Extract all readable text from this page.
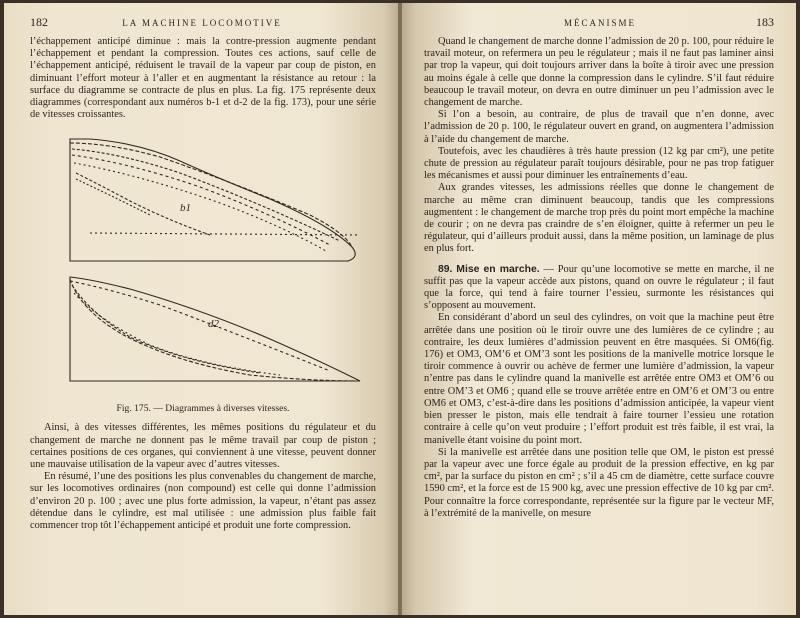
182	LA MACHINE LOCOMOTIVE

l’échappement anticipé diminue : mais la contre-pression augmente pendant l’échappement et pendant la compression. Toutes ces actions, sauf celle de l’échappement anticipé, réduisent le travail de la vapeur par coup de piston, en diminuant l’effort moteur à l’aller et en augmentant la résistance au retour : la surface du diagramme se contracte de plus en plus. La fig. 175 représente deux diagrammes (correspondant aux numéros b-1 et d-2 de la fig. 173), pour une série de vitesses croissantes.

b1
d2
Fig. 175. — Diagrammes à diverses vitesses.

Ainsi, à des vitesses différentes, les mêmes positions du régulateur et du changement de marche ne donnent pas le même travail par coup de piston ; certaines positions de ces organes, qui conviennent à une vitesse, peuvent donner une mauvaise utilisation de la vapeur avec d’autres vitesses.

En résumé, l’une des positions les plus convenables du changement de marche, sur les locomotives ordinaires (non compound) est celle qui donne l’admission d’environ 20 p. 100 ; avec une plus forte admission, la vapeur, n’étant pas assez détendue dans le cylindre, est mal utilisée : une admission plus faible fait commencer trop tôt l’échappement anticipé et produit une forte compression.

MÉCANISME	183

Quand le changement de marche donne l’admission de 20 p. 100, pour réduire le travail moteur, on refermera un peu le régulateur ; mais il ne faut pas laminer ainsi par trop la vapeur, qui doit toujours arriver dans la boîte à tiroir avec une pression au moins égale à celle que donne la compression dans le cylindre. S’il faut réduire beaucoup le travail moteur, on devra en outre diminuer un peu l’admission avec le changement de marche.

Si l’on a besoin, au contraire, de plus de travail que n’en donne, avec l’admission de 20 p. 100, le régulateur ouvert en grand, on augmentera l’admission à l’aide du changement de marche.

Toutefois, avec les chaudières à très haute pression (12 kg par cm²), une petite chute de pression au régulateur paraît toujours désirable, pour ne pas trop fatiguer les mécanismes et aussi pour diminuer les entraînements d’eau.

Aux grandes vitesses, les admissions réelles que donne le changement de marche au même cran diminuent beaucoup, tandis que les compressions augmentent : le changement de marche trop près du point mort empêche la machine de courir ; on ne devra pas craindre de s’en éloigner, quitte à refermer un peu le régulateur, qui d’ailleurs produit aussi, dans la même position, un laminage de plus en plus fort.

89. Mise en marche. — Pour qu’une locomotive se mette en marche, il ne suffit pas que la vapeur accède aux pistons, quand on ouvre le régulateur ; il faut que la force, qui tend à faire tourner l’essieu, surmonte les résistances qui s’opposent au mouvement.

En considérant d’abord un seul des cylindres, on voit que la machine peut être arrêtée dans une position où le tiroir ouvre une des lumières de ce cylindre ; au contraire, les deux lumières d’admission peuvent en être masquées. Si OM6(fig. 176) et OM3, OM’6 et OM’3 sont les positions de la manivelle motrice lorsque le tiroir commence à ouvrir ou achève de fermer une lumière d’admission, la vapeur n’entre pas dans le cylindre quand la manivelle est arrêtée entre OM3 et OM’6 ou entre OM’3 et OM6 ; quand elle se trouve arrêtée entre en OM’6 et OM’3 ou entre OM6 et OM3, c’est-à-dire dans les positions d’admission anticipée, la vapeur vient bien presser le piston, mais elle tendrait à faire tourner l’essieu une rotation contraire à celle qu’on veut produire ; l’effort produit est très faible, il est vrai, la manivelle étant voisine du point mort.

Si la manivelle est arrêtée dans une position telle que OM, le piston est pressé par la vapeur avec une force égale au produit de la pression effective, en kg par cm², par la surface du piston en cm² ; s’il a 45 cm de diamètre, cette surface couvre 1590 cm², et la force est de 15 900 kg, avec une pression effective de 10 kg par cm². Pour connaître la force correspondante, représentée sur la figure par le vecteur MF, à l’extrémité de la manivelle, on mesure
